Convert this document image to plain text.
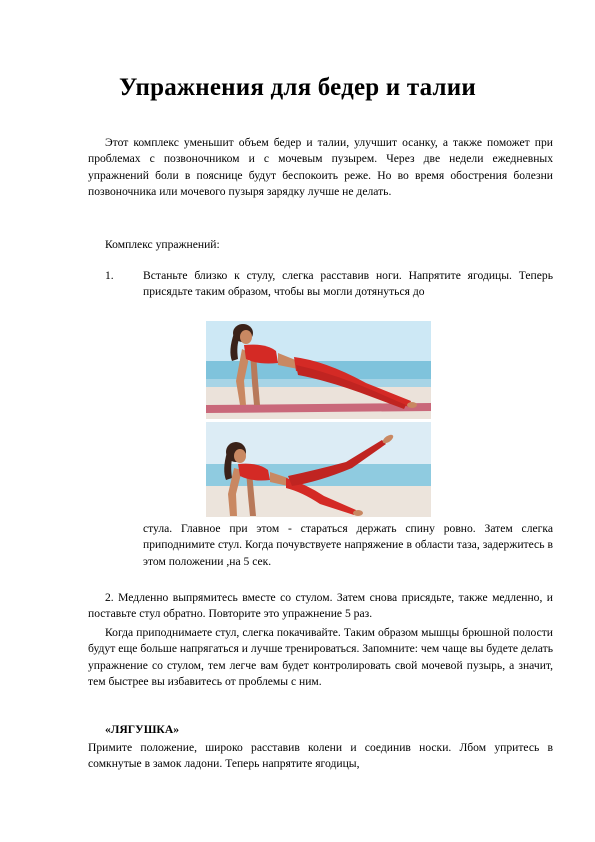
Упражнения для бедер и талии
Этот комплекс уменьшит объем бедер и талии, улучшит осанку, а также поможет при проблемах с позвоночником и с мочевым пузырем. Через две недели ежедневных упражнений боли в пояснице будут беспокоить реже. Но во время обострения болезни позвоночника или мочевого пузыря зарядку лучше не делать.
Комплекс упражнений:
1.	Встаньте близко к стулу, слегка расставив ноги. Напрятите ягодицы. Теперь присядьте таким образом, чтобы вы могли дотянуться до
стула. Главное при этом - стараться держать спину ровно. Затем слегка приподнимите стул. Когда почувствуете напряжение в области таза, задержитесь в этом положении ,на 5 сек.
2. Медленно выпрямитесь вместе со стулом. Затем снова присядьте, также медленно, и поставьте стул обратно. Повторите это упражнение 5 раз.
Когда приподнимаете стул, слегка покачивайте. Таким образом мышцы брюшной полости будут еще больше напрягаться и лучше тренироваться. Запомните: чем чаще вы будете делать упражнение со стулом, тем легче вам будет контролировать свой мочевой пузырь, а значит, тем быстрее вы избавитесь от проблемы с ним.
«ЛЯГУШКА»
Примите положение, широко расставив колени и соединив носки. Лбом упритесь в сомкнутые в замок ладони. Теперь напрятите ягодицы,
